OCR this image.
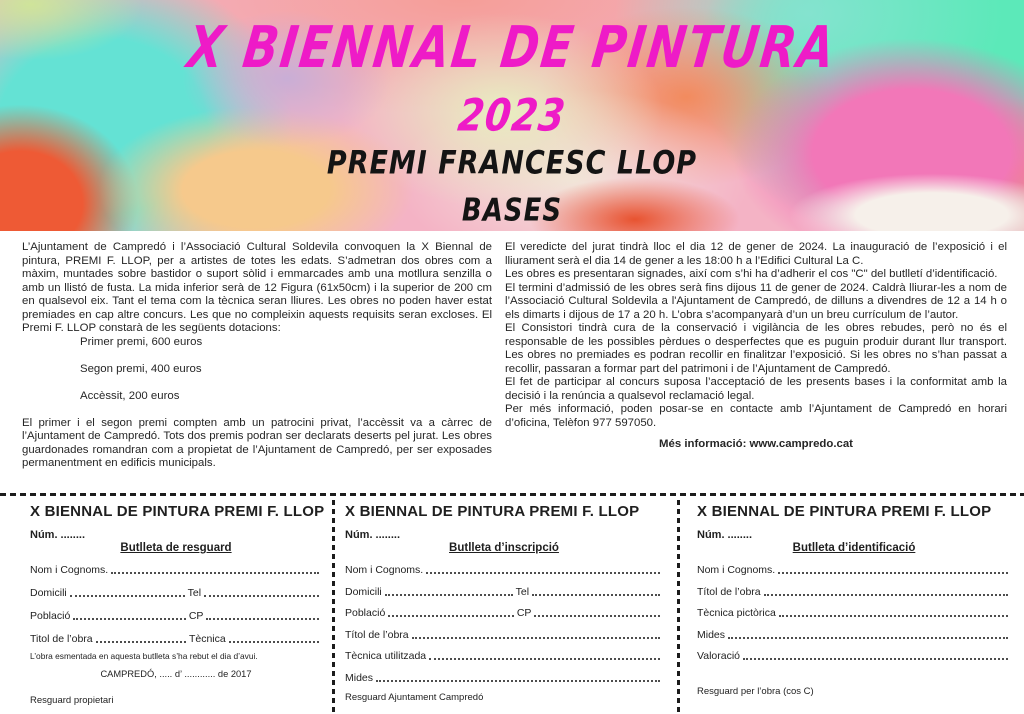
X BIENNAL DE PINTURA
2023
PREMI FRANCESC LLOP
BASES

L’Ajuntament de Campredó i l’Associació Cultural Soldevila convoquen la X Biennal de pintura, PREMI F. LLOP, per a artistes de totes les edats. S’admetran dos obres com a màxim, muntades sobre bastidor o suport sòlid i emmarcades amb una motllura senzilla o amb un llistó de fusta. La mida inferior serà de 12 Figura (61x50cm) i la superior de 200 cm en qualsevol eix. Tant el tema com la tècnica seran lliures. Les obres no poden haver estat premiades en cap altre concurs. Les que no compleixin aquests requisits seran excloses. El Premi F. LLOP constarà de les següents dotacions:

Primer premi, 600 euros

Segon premi, 400 euros

Accèssit, 200 euros

El primer i el segon premi compten amb un patrocini privat, l’accèssit va a càrrec de l’Ajuntament de Campredó. Tots dos premis podran ser declarats deserts pel jurat. Les obres guardonades romandran com a propietat de l’Ajuntament de Campredó, per ser exposades permanentment en edificis municipals.

El veredicte del jurat tindrà lloc el dia 12 de gener de 2024. La inauguració de l’exposició i el lliurament serà el dia 14 de gener a les 18:00 h a l’Edifici Cultural La C.

Les obres es presentaran signades, així com s’hi ha d’adherir el cos "C" del butlletí d’identificació.

El termini d’admissió de les obres serà fins dijous 11 de gener de 2024. Caldrà lliurar-les a nom de l’Associació Cultural Soldevila a l'Ajuntament de Campredó, de dilluns a divendres de 12 a 14 h o els dimarts i dijous de 17 a 20 h. L’obra s’acompanyarà d’un un breu currículum de l’autor.

El Consistori tindrà cura de la conservació i vigilància de les obres rebudes, però no és el responsable de les possibles pèrdues o desperfectes que es puguin produir durant llur transport. Les obres no premiades es podran recollir en finalitzar l’exposició. Si les obres no s’han passat a recollir, passaran a formar part del patrimoni i de l’Ajuntament de Campredó.

El fet de participar al concurs suposa l’acceptació de les presents bases i la conformitat amb la decisió i la renúncia a qualsevol reclamació legal.

Per més informació, poden posar-se en contacte amb l’Ajuntament de Campredó en horari d’oficina, Telèfon 977 597050.

Més informació: www.campredo.cat

X BIENNAL DE PINTURA PREMI F. LLOP
Núm. ........
Butlleta de resguard
Nom i Cognoms.
Domicili	Tel
Població	CP
Titol de l’obra	Tècnica
L’obra esmentada en aquesta butlleta s’ha rebut el dia d’avui.
CAMPREDÓ, ..... d’ ............ de 2017
Resguard propietari
X BIENNAL DE PINTURA PREMI F. LLOP
Núm. ........
Butlleta d’inscripció
Nom i Cognoms.
Domicili	Tel
Població	CP
Títol de l’obra
Tècnica utilitzada
Mides
Resguard Ajuntament Campredó
X BIENNAL DE PINTURA PREMI F. LLOP
Núm. ........
Butlleta d’identificació
Nom i Cognoms.
Títol de l’obra
Tècnica pictòrica
Mides
Valoració
Resguard per l’obra (cos C)
